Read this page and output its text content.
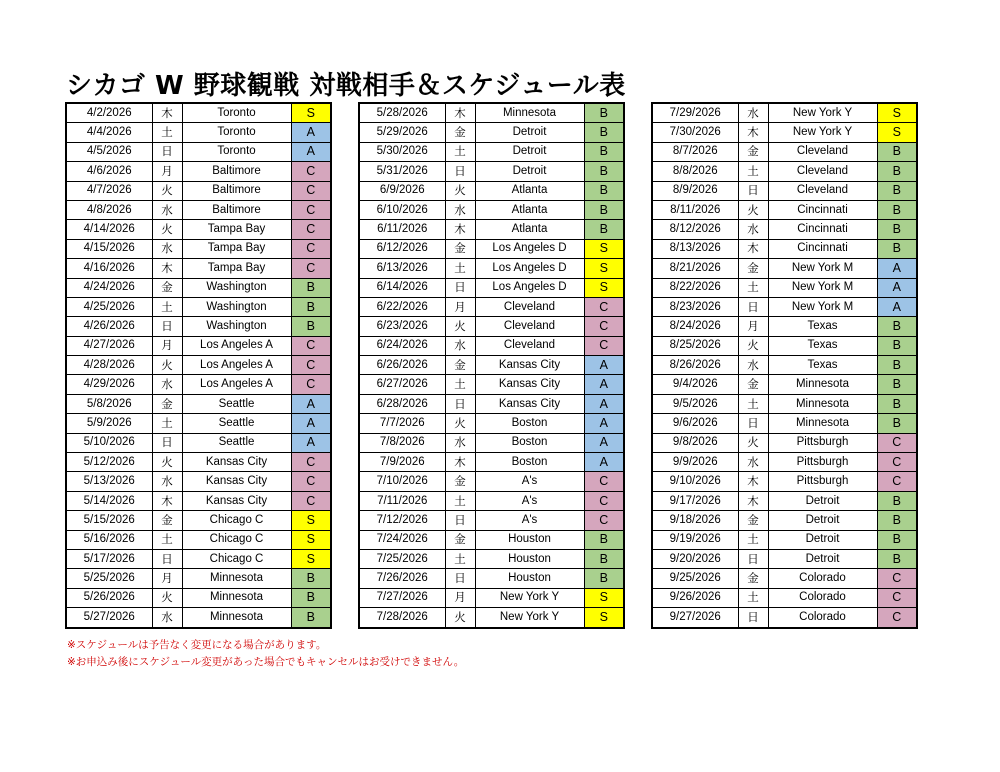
シカゴ W 野球観戦 対戦相手＆スケジュール表
4/2/2026	木	Toronto	S
4/4/2026	土	Toronto	A
4/5/2026	日	Toronto	A
4/6/2026	月	Baltimore	C
4/7/2026	火	Baltimore	C
4/8/2026	水	Baltimore	C
4/14/2026	火	Tampa Bay	C
4/15/2026	水	Tampa Bay	C
4/16/2026	木	Tampa Bay	C
4/24/2026	金	Washington	B
4/25/2026	土	Washington	B
4/26/2026	日	Washington	B
4/27/2026	月	Los Angeles A	C
4/28/2026	火	Los Angeles A	C
4/29/2026	水	Los Angeles A	C
5/8/2026	金	Seattle	A
5/9/2026	土	Seattle	A
5/10/2026	日	Seattle	A
5/12/2026	火	Kansas City	C
5/13/2026	水	Kansas City	C
5/14/2026	木	Kansas City	C
5/15/2026	金	Chicago C	S
5/16/2026	土	Chicago C	S
5/17/2026	日	Chicago C	S
5/25/2026	月	Minnesota	B
5/26/2026	火	Minnesota	B
5/27/2026	水	Minnesota	B
5/28/2026	木	Minnesota	B
5/29/2026	金	Detroit	B
5/30/2026	土	Detroit	B
5/31/2026	日	Detroit	B
6/9/2026	火	Atlanta	B
6/10/2026	水	Atlanta	B
6/11/2026	木	Atlanta	B
6/12/2026	金	Los Angeles D	S
6/13/2026	土	Los Angeles D	S
6/14/2026	日	Los Angeles D	S
6/22/2026	月	Cleveland	C
6/23/2026	火	Cleveland	C
6/24/2026	水	Cleveland	C
6/26/2026	金	Kansas City	A
6/27/2026	土	Kansas City	A
6/28/2026	日	Kansas City	A
7/7/2026	火	Boston	A
7/8/2026	水	Boston	A
7/9/2026	木	Boston	A
7/10/2026	金	A's	C
7/11/2026	土	A's	C
7/12/2026	日	A's	C
7/24/2026	金	Houston	B
7/25/2026	土	Houston	B
7/26/2026	日	Houston	B
7/27/2026	月	New York Y	S
7/28/2026	火	New York Y	S
7/29/2026	水	New York Y	S
7/30/2026	木	New York Y	S
8/7/2026	金	Cleveland	B
8/8/2026	土	Cleveland	B
8/9/2026	日	Cleveland	B
8/11/2026	火	Cincinnati	B
8/12/2026	水	Cincinnati	B
8/13/2026	木	Cincinnati	B
8/21/2026	金	New York M	A
8/22/2026	土	New York M	A
8/23/2026	日	New York M	A
8/24/2026	月	Texas	B
8/25/2026	火	Texas	B
8/26/2026	水	Texas	B
9/4/2026	金	Minnesota	B
9/5/2026	土	Minnesota	B
9/6/2026	日	Minnesota	B
9/8/2026	火	Pittsburgh	C
9/9/2026	水	Pittsburgh	C
9/10/2026	木	Pittsburgh	C
9/17/2026	木	Detroit	B
9/18/2026	金	Detroit	B
9/19/2026	土	Detroit	B
9/20/2026	日	Detroit	B
9/25/2026	金	Colorado	C
9/26/2026	土	Colorado	C
9/27/2026	日	Colorado	C
※スケジュールは予告なく変更になる場合があります。
※お申込み後にスケジュール変更があった場合でもキャンセルはお受けできません。
